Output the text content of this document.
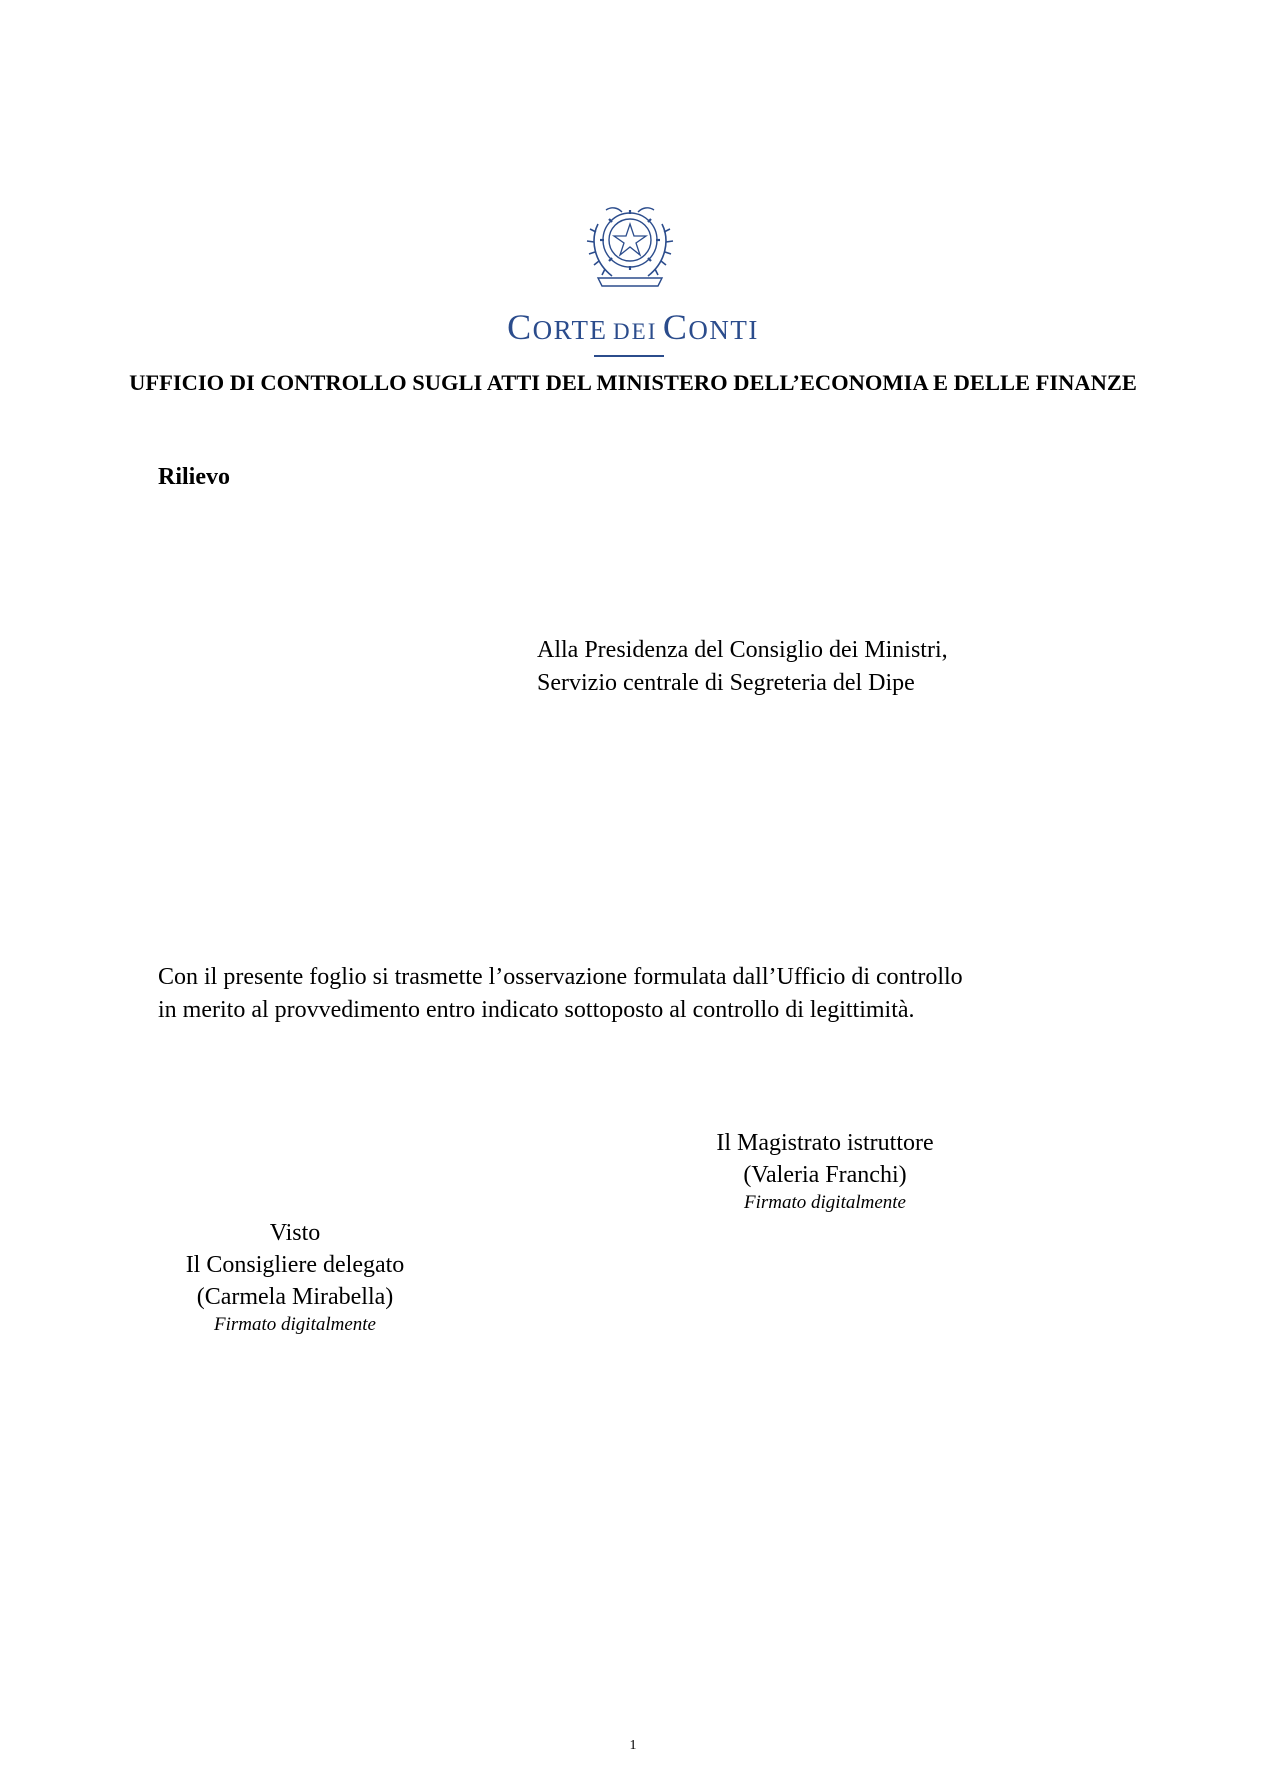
CORTE DEI CONTI
UFFICIO DI CONTROLLO SUGLI ATTI DEL MINISTERO DELL’ECONOMIA E DELLE FINANZE
Rilievo
Alla Presidenza del Consiglio dei Ministri,
Servizio centrale di Segreteria del Dipe
Con il presente foglio si trasmette l’osservazione formulata dall’Ufficio di controllo
in merito al provvedimento entro indicato sottoposto al controllo di legittimità.
Il Magistrato istruttore
(Valeria Franchi)
Firmato digitalmente
Visto
Il Consigliere delegato
(Carmela Mirabella)
Firmato digitalmente
1
